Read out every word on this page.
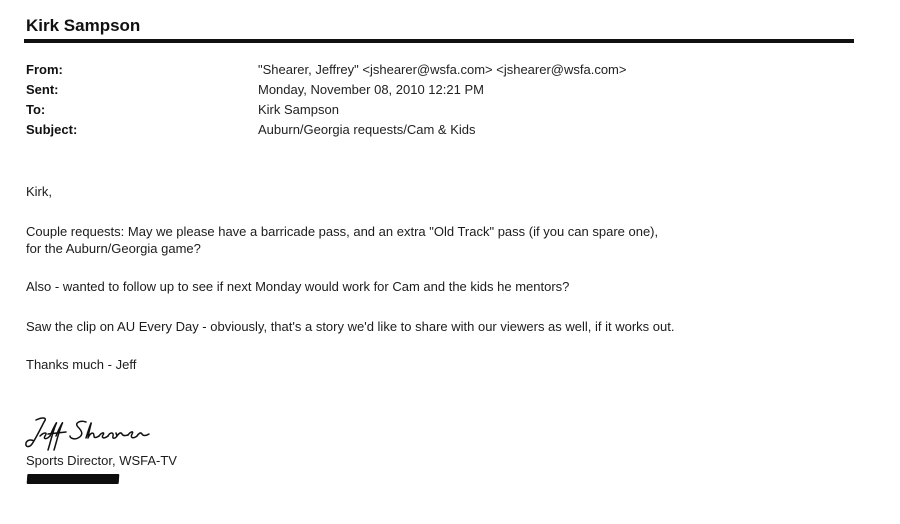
Kirk Sampson
From:	"Shearer, Jeffrey" <jshearer@wsfa.com> <jshearer@wsfa.com>
Sent:	Monday, November 08, 2010 12:21 PM
To:	Kirk Sampson
Subject:	Auburn/Georgia requests/Cam & Kids
Kirk,
Couple requests: May we please have a barricade pass, and an extra "Old Track" pass (if you can spare one),
for the Auburn/Georgia game?
Also - wanted to follow up to see if next Monday would work for Cam and the kids he mentors?
Saw the clip on AU Every Day - obviously, that's a story we'd like to share with our viewers as well, if it works out.
Thanks much - Jeff
Sports Director, WSFA-TV
